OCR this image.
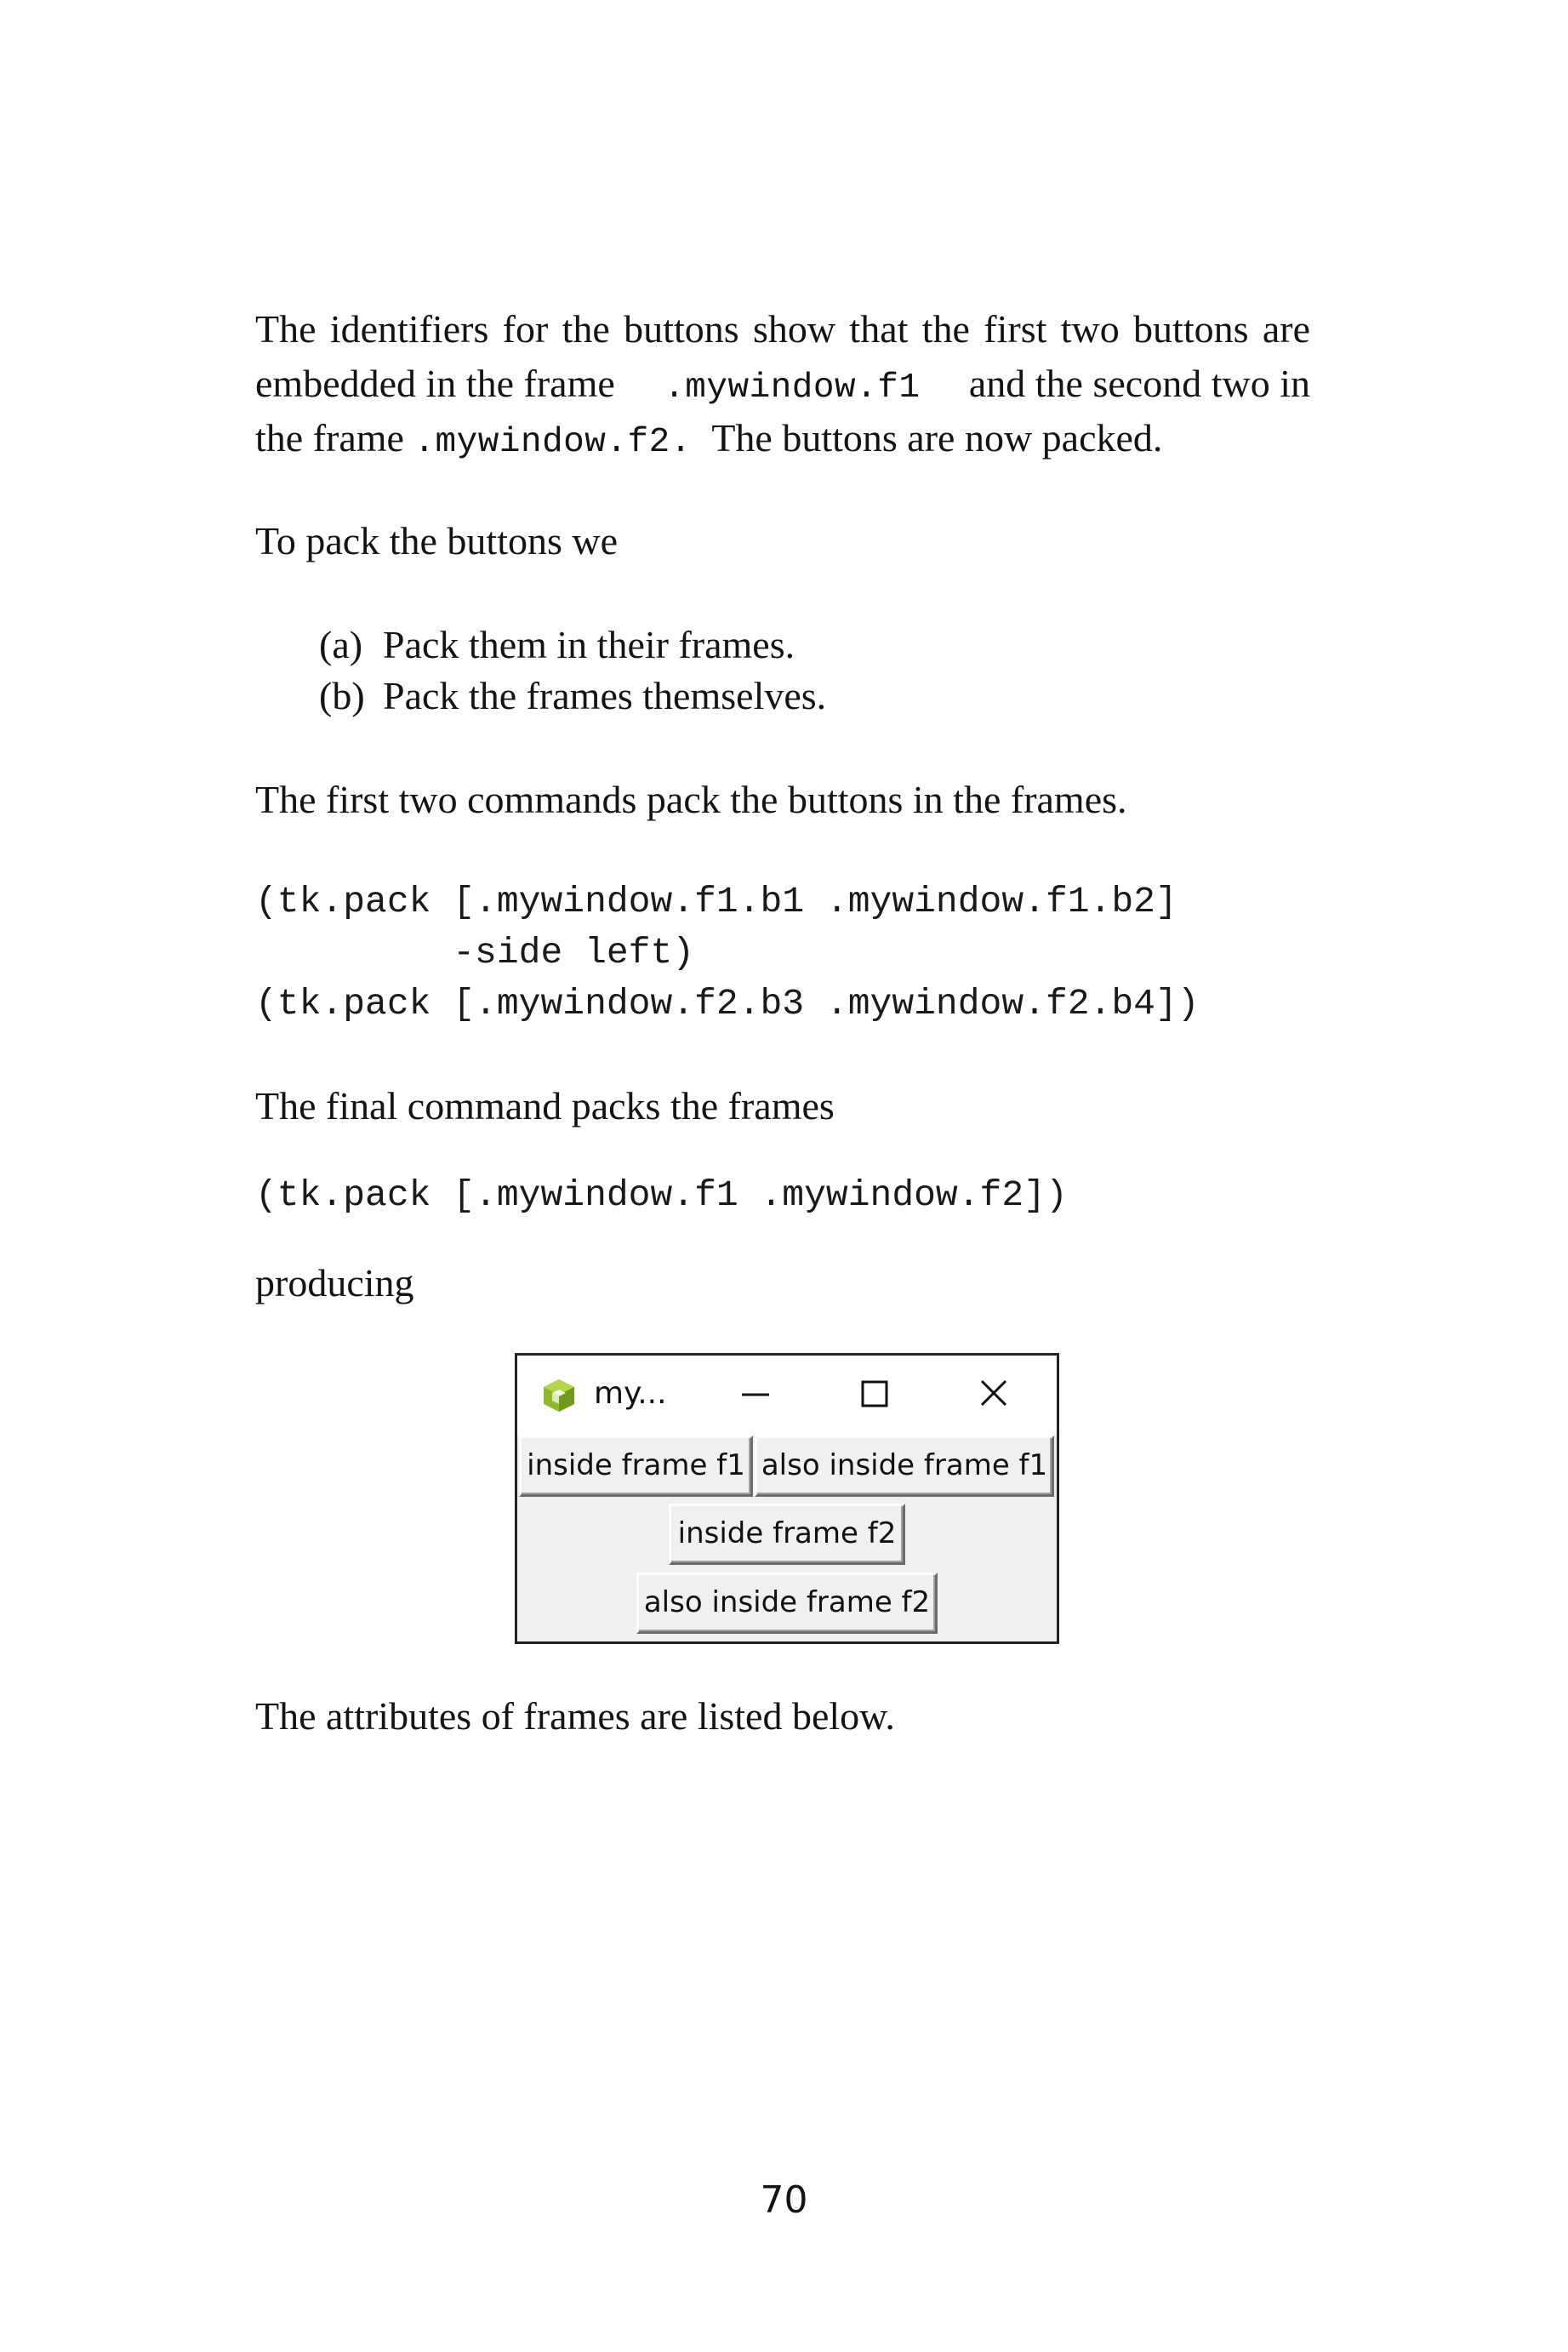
The identifiers for the buttons show that the first two buttons are
embedded in the frame .mywindow.f1 and the second two in
the frame .mywindow.f2. The buttons are now packed.
To pack the buttons we
(a) Pack them in their frames.
(b) Pack the frames themselves.
The first two commands pack the buttons in the frames.
(tk.pack [.mywindow.f1.b1 .mywindow.f1.b2]
-side left)
(tk.pack [.mywindow.f2.b3 .mywindow.f2.b4])
The final command packs the frames
(tk.pack [.mywindow.f1 .mywindow.f2])
producing
my...
inside frame f1 also inside frame f1
inside frame f2
also inside frame f2
The attributes of frames are listed below.
70
